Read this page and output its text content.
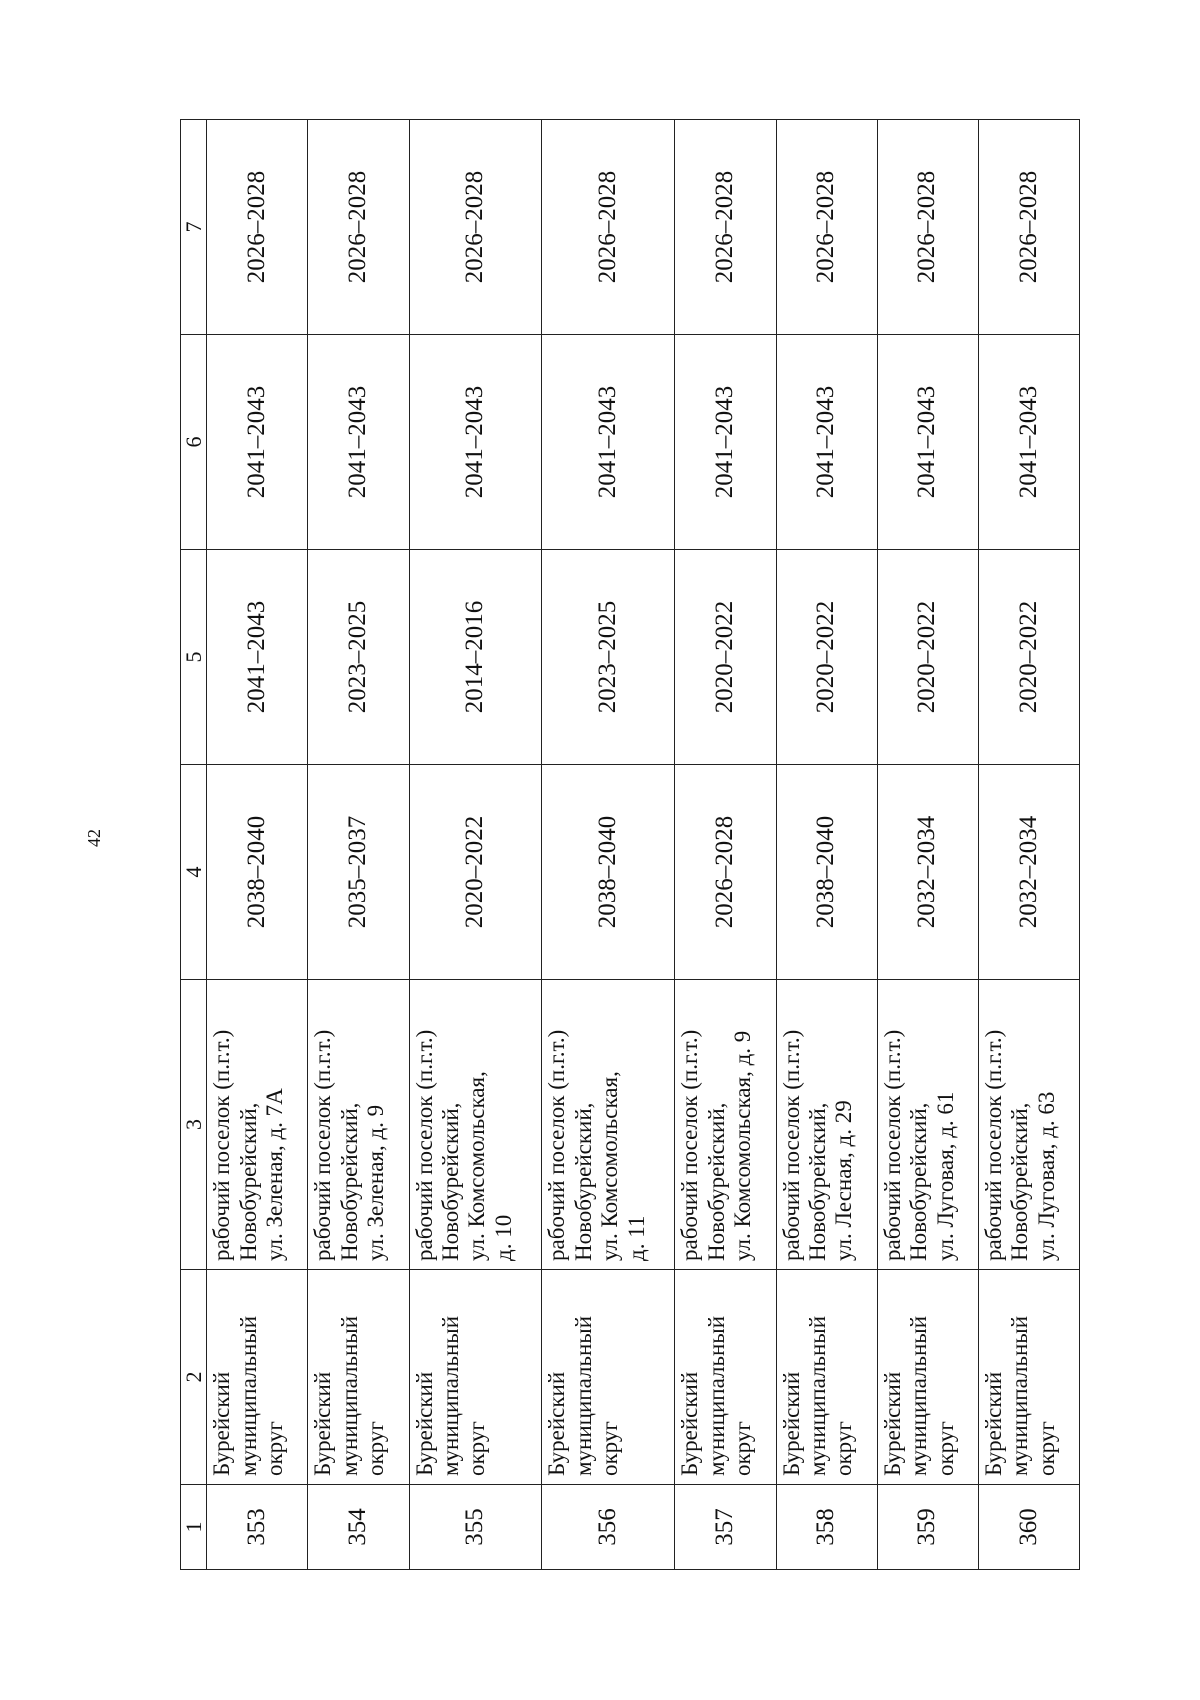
42
1	2	3	4	5	6	7
353	Бурейский муниципальный округ	рабочий поселок (п.г.т.) Новобурейский, ул. Зеленая, д. 7А	2038–2040	2041–2043	2041–2043	2026–2028
354	Бурейский муниципальный округ	рабочий поселок (п.г.т.) Новобурейский, ул. Зеленая, д. 9	2035–2037	2023–2025	2041–2043	2026–2028
355	Бурейский муниципальный округ	рабочий поселок (п.г.т.) Новобурейский, ул. Комсомольская, д. 10	2020–2022	2014–2016	2041–2043	2026–2028
356	Бурейский муниципальный округ	рабочий поселок (п.г.т.) Новобурейский, ул. Комсомольская, д. 11	2038–2040	2023–2025	2041–2043	2026–2028
357	Бурейский муниципальный округ	рабочий поселок (п.г.т.) Новобурейский, ул. Комсомольская, д. 9	2026–2028	2020–2022	2041–2043	2026–2028
358	Бурейский муниципальный округ	рабочий поселок (п.г.т.) Новобурейский, ул. Лесная, д. 29	2038–2040	2020–2022	2041–2043	2026–2028
359	Бурейский муниципальный округ	рабочий поселок (п.г.т.) Новобурейский, ул. Луговая, д. 61	2032–2034	2020–2022	2041–2043	2026–2028
360	Бурейский муниципальный округ	рабочий поселок (п.г.т.) Новобурейский, ул. Луговая, д. 63	2032–2034	2020–2022	2041–2043	2026–2028
